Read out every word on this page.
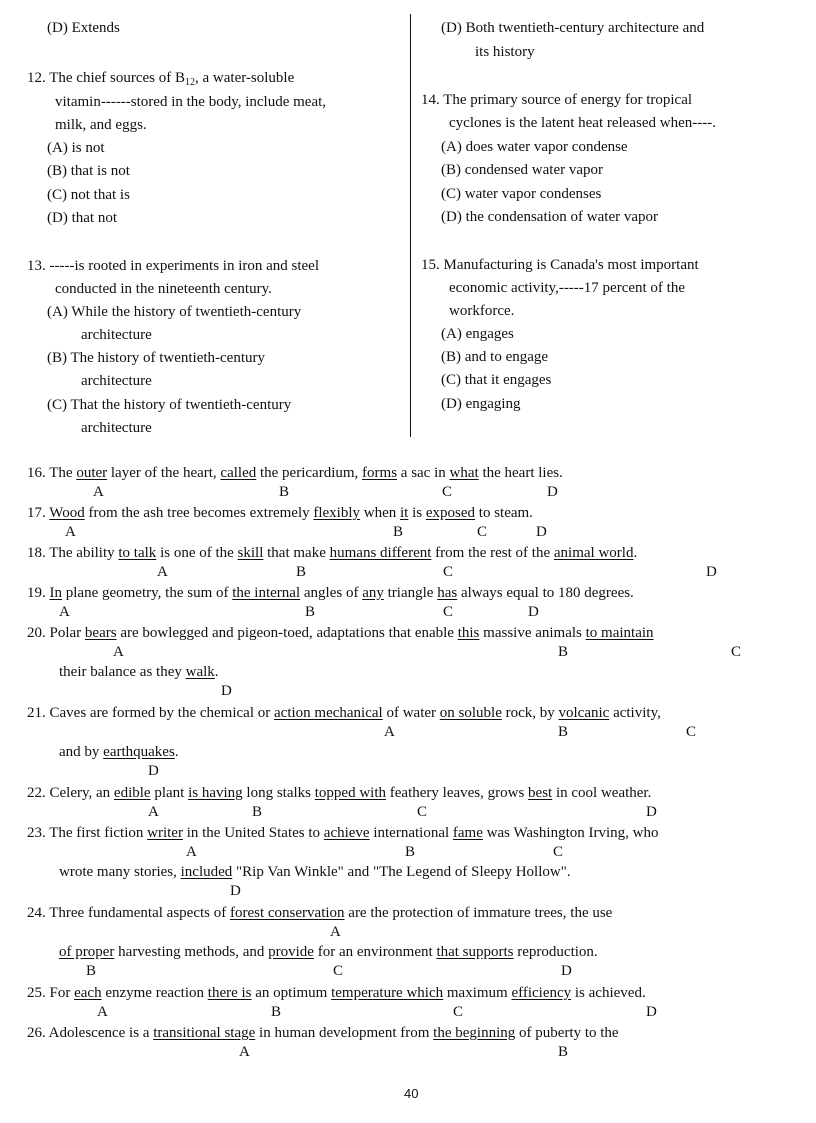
(D) Extends
12. The chief sources of $B_{12}$, a water-soluble
vitamin------stored in the body, include meat,
milk, and eggs.
(A) is not
(B) that is not
(C) not that is
(D) that not
13. -----is rooted in experiments in iron and steel
conducted in the nineteenth century.
(A) While the history of twentieth-century
architecture
(B) The history of twentieth-century
architecture
(C) That the history of twentieth-century
architecture
(D) Both twentieth-century architecture and
its history
14. The primary source of energy for tropical
cyclones is the latent heat released when----.
(A) does water vapor condense
(B) condensed water vapor
(C) water vapor condenses
(D) the condensation of water vapor
15. Manufacturing is Canada's most important
economic activity,-----17 percent of the
workforce.
(A) engages
(B) and to engage
(C) that it engages
(D) engaging
16. The outer layer of the heart, called the pericardium, forms a sac in what the heart lies.
A	B	C	D
17. Wood from the ash tree becomes extremely flexibly when it is exposed to steam.
A	B	C	D
18. The ability to talk is one of the skill that make humans different from the rest of the animal world.
A	B	C	D
19. In plane geometry, the sum of the internal angles of any triangle has always equal to 180 degrees.
A	B	C	D
20. Polar bears are bowlegged and pigeon-toed, adaptations that enable this massive animals to maintain
A	B	C
their balance as they walk.
D
21. Caves are formed by the chemical or action mechanical of water on soluble rock, by volcanic activity,
A	B	C
and by earthquakes.
D
22. Celery, an edible plant is having long stalks topped with feathery leaves, grows best in cool weather.
A	B	C	D
23. The first fiction writer in the United States to achieve international fame was Washington Irving, who
A	B	C
wrote many stories, included "Rip Van Winkle" and "The Legend of Sleepy Hollow".
D
24. Three fundamental aspects of forest conservation are the protection of immature trees, the use
A
of proper harvesting methods, and provide for an environment that supports reproduction.
B	C	D
25. For each enzyme reaction there is an optimum temperature which maximum efficiency is achieved.
A	B	C	D
26. Adolescence is a transitional stage in human development from the beginning of puberty to the
A	B
40
